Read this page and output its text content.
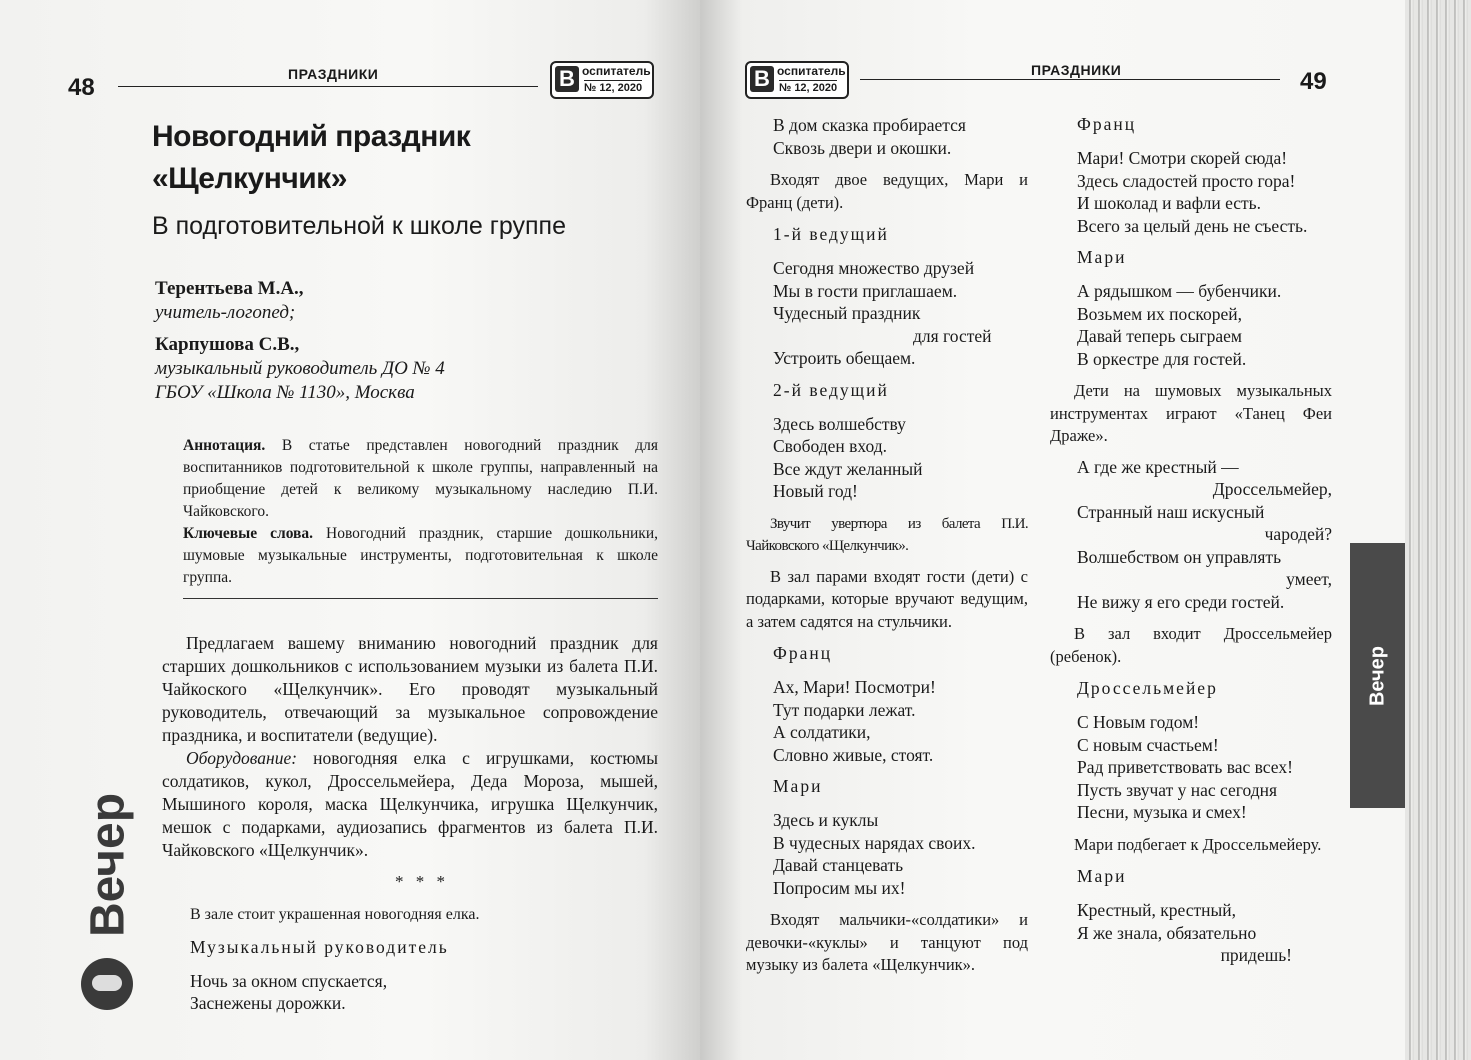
48	ПРАЗДНИКИ	В оспитатель
№ 12, 2020
Новогодний праздник
«Щелкунчик»
В подготовительной к школе группе
Терентьева М.А.,
учитель-логопед;
Карпушова С.В.,
музыкальный руководитель ДО № 4
ГБОУ «Школа № 1130», Москва
Аннотация. В статье представлен новогодний праздник для воспитанников подготовительной к школе группы, направленный на приобщение детей к великому музыкальному наследию П.И. Чайковского.
Ключевые слова. Новогодний праздник, старшие дошкольники, шумовые музыкальные инструменты, подготовительная к школе группа.

Предлагаем вашему вниманию новогодний праздник для старших дошкольников с использованием музыки из балета П.И. Чайкоского «Щелкунчик». Его проводят музыкальный руководитель, отвечающий за музыкальное сопровождение праздника, и воспитатели (ведущие).

Оборудование: новогодняя елка с игрушками, костюмы солдатиков, кукол, Дроссельмейера, Деда Мороза, мышей, Мышиного короля, маска Щелкунчика, игрушка Щелкунчик, мешок с подарками, аудиозапись фрагментов из балета П.И. Чайковского «Щелкунчик».

* * *
В зале стоит украшенная новогодняя елка.
Музыкальный руководитель
Ночь за окном спускается,
Заснежены дорожки.
Вечер
В оспитатель
№ 12, 2020
ПРАЗДНИКИ	49
В дом сказка пробирается
Сквозь двери и окошки.
Входят двое ведущих, Мари и Франц (дети).
1-й ведущий
Сегодня множество друзей
Мы в гости приглашаем.
Чудесный праздник
для гостей
Устроить обещаем.
2-й ведущий
Здесь волшебству
Свободен вход.
Все ждут желанный
Новый год!
Звучит увертюра из балета П.И. Чайковского «Щелкунчик».
В зал парами входят гости (дети) с подарками, которые вручают ведущим, а затем садятся на стульчики.
Франц
Ах, Мари! Посмотри!
Тут подарки лежат.
А солдатики,
Словно живые, стоят.
Мари
Здесь и куклы
В чудесных нарядах своих.
Давай станцевать
Попросим мы их!
Входят мальчики-«солдатики» и девочки-«куклы» и танцуют под музыку из балета «Щелкунчик».
Франц
Мари! Смотри скорей сюда!
Здесь сладостей просто гора!
И шоколад и вафли есть.
Всего за целый день не съесть.
Мари
А рядышком — бубенчики.
Возьмем их поскорей,
Давай теперь сыграем
В оркестре для гостей.
Дети на шумовых музыкальных инструментах играют «Танец Феи Драже».
А где же крестный —
Дроссельмейер,
Странный наш искусный
чародей?
Волшебством он управлять
умеет,
Не вижу я его среди гостей.
В зал входит Дроссельмейер (ребенок).
Дроссельмейер
С Новым годом!
С новым счастьем!
Рад приветствовать вас всех!
Пусть звучат у нас сегодня
Песни, музыка и смех!
Мари подбегает к Дроссельмейеру.
Мари
Крестный, крестный,
Я же знала, обязательно
придешь!
Вечер
